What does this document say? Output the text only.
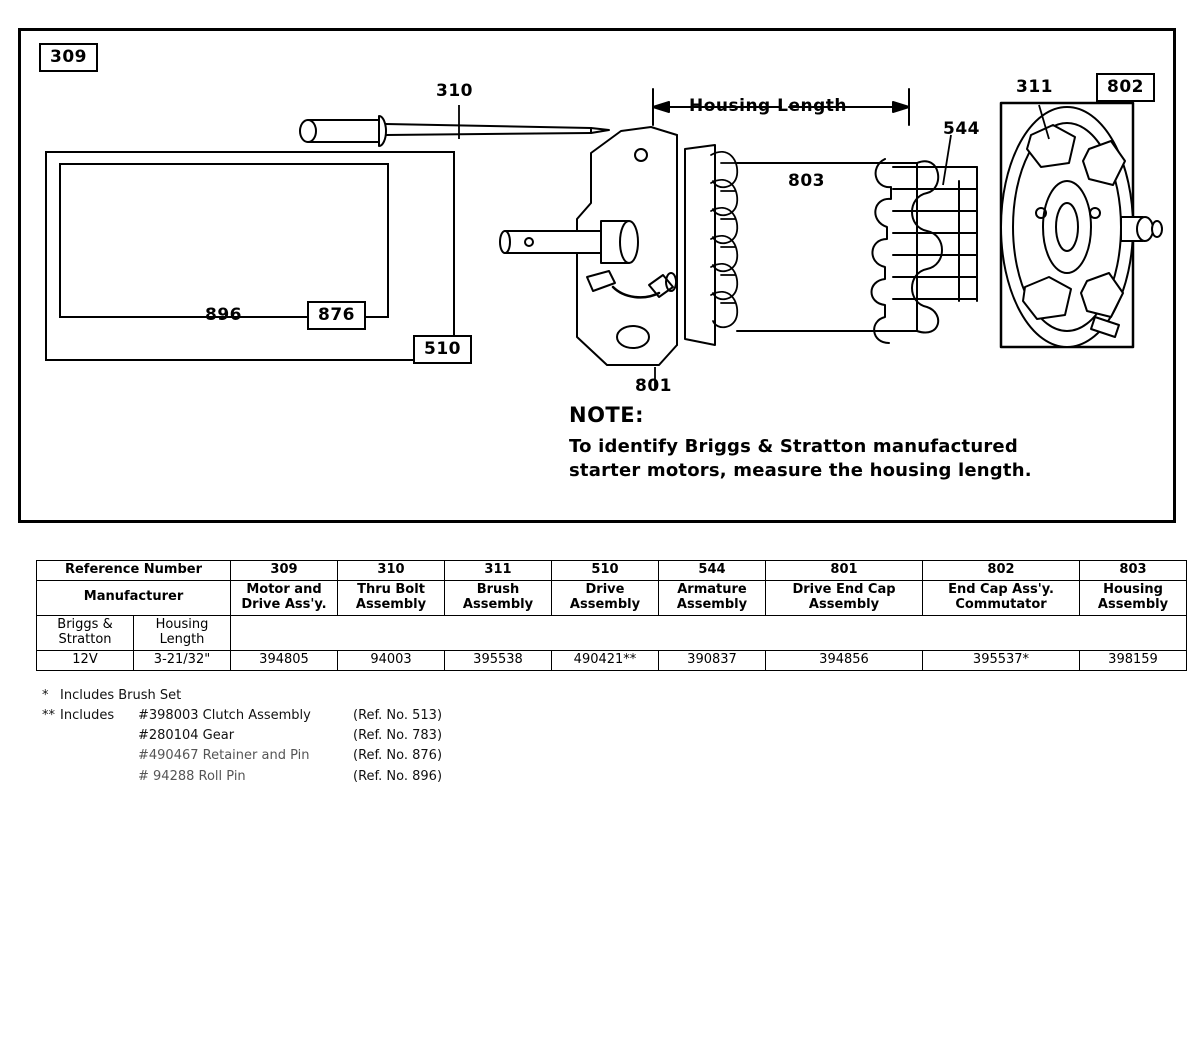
309
310
Housing Length
311	802
803
544
801
876
896
510
NOTE:
To identify Briggs & Stratton manufactured
starter motors, measure the housing length.
Reference Number		309	310	311	510	544	801	802	803
Manufacturer		Motor and Drive Ass'y.	Thru Bolt Assembly	Brush Assembly	Drive Assembly	Armature Assembly	Drive End Cap Assembly	End Cap Ass'y. Commutator	Housing Assembly
Briggs & Stratton	Housing Length								
12V	3-21/32"	394805	94003	395538	490421**	390837	394856	395537*	398159
* Includes Brush Set
** Includes	#398003 Clutch Assembly	(Ref. No. 513)
#280104 Gear	(Ref. No. 783)
#490467 Retainer and Pin	(Ref. No. 876)
# 94288 Roll Pin	(Ref. No. 896)
